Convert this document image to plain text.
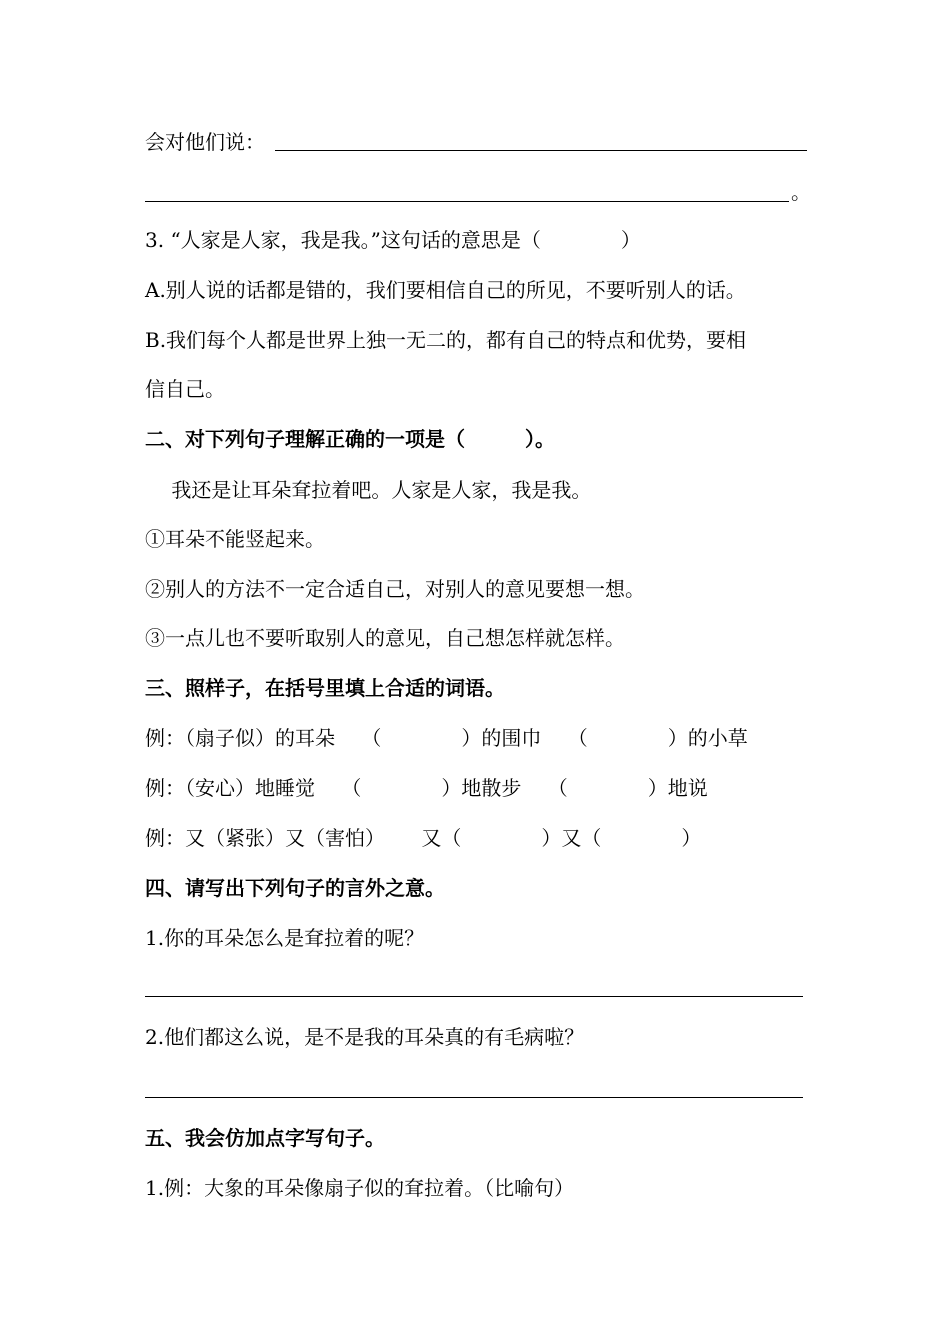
会对他们说：
。
3. “人家是人家，我是我。”这句话的意思是（　　　　）
A.别人说的话都是错的，我们要相信自己的所见，不要听别人的话。
B.我们每个人都是世界上独一无二的，都有自己的特点和优势，要相
信自己。
二、对下列句子理解正确的一项是（　　　）。
　 我还是让耳朵耷拉着吧。人家是人家，我是我。
①耳朵不能竖起来。
②别人的方法不一定合适自己，对别人的意见要想一想。
③一点儿也不要听取别人的意见，自己想怎样就怎样。
三、照样子，在括号里填上合适的词语。
例：（扇子似）的耳朵　 （　　　　）的围巾　 （　　　　）的小草
例：（安心）地睡觉　 （　　　　）地散步　 （　　　　）地说
例：又（紧张）又（害怕）　　 又（　　　　）又（　　　　）
四、请写出下列句子的言外之意。
1.你的耳朵怎么是耷拉着的呢？
2.他们都这么说，是不是我的耳朵真的有毛病啦？
五、我会仿加点字写句子。
1.例：大象的耳朵像扇子似的耷拉着。（比喻句）
